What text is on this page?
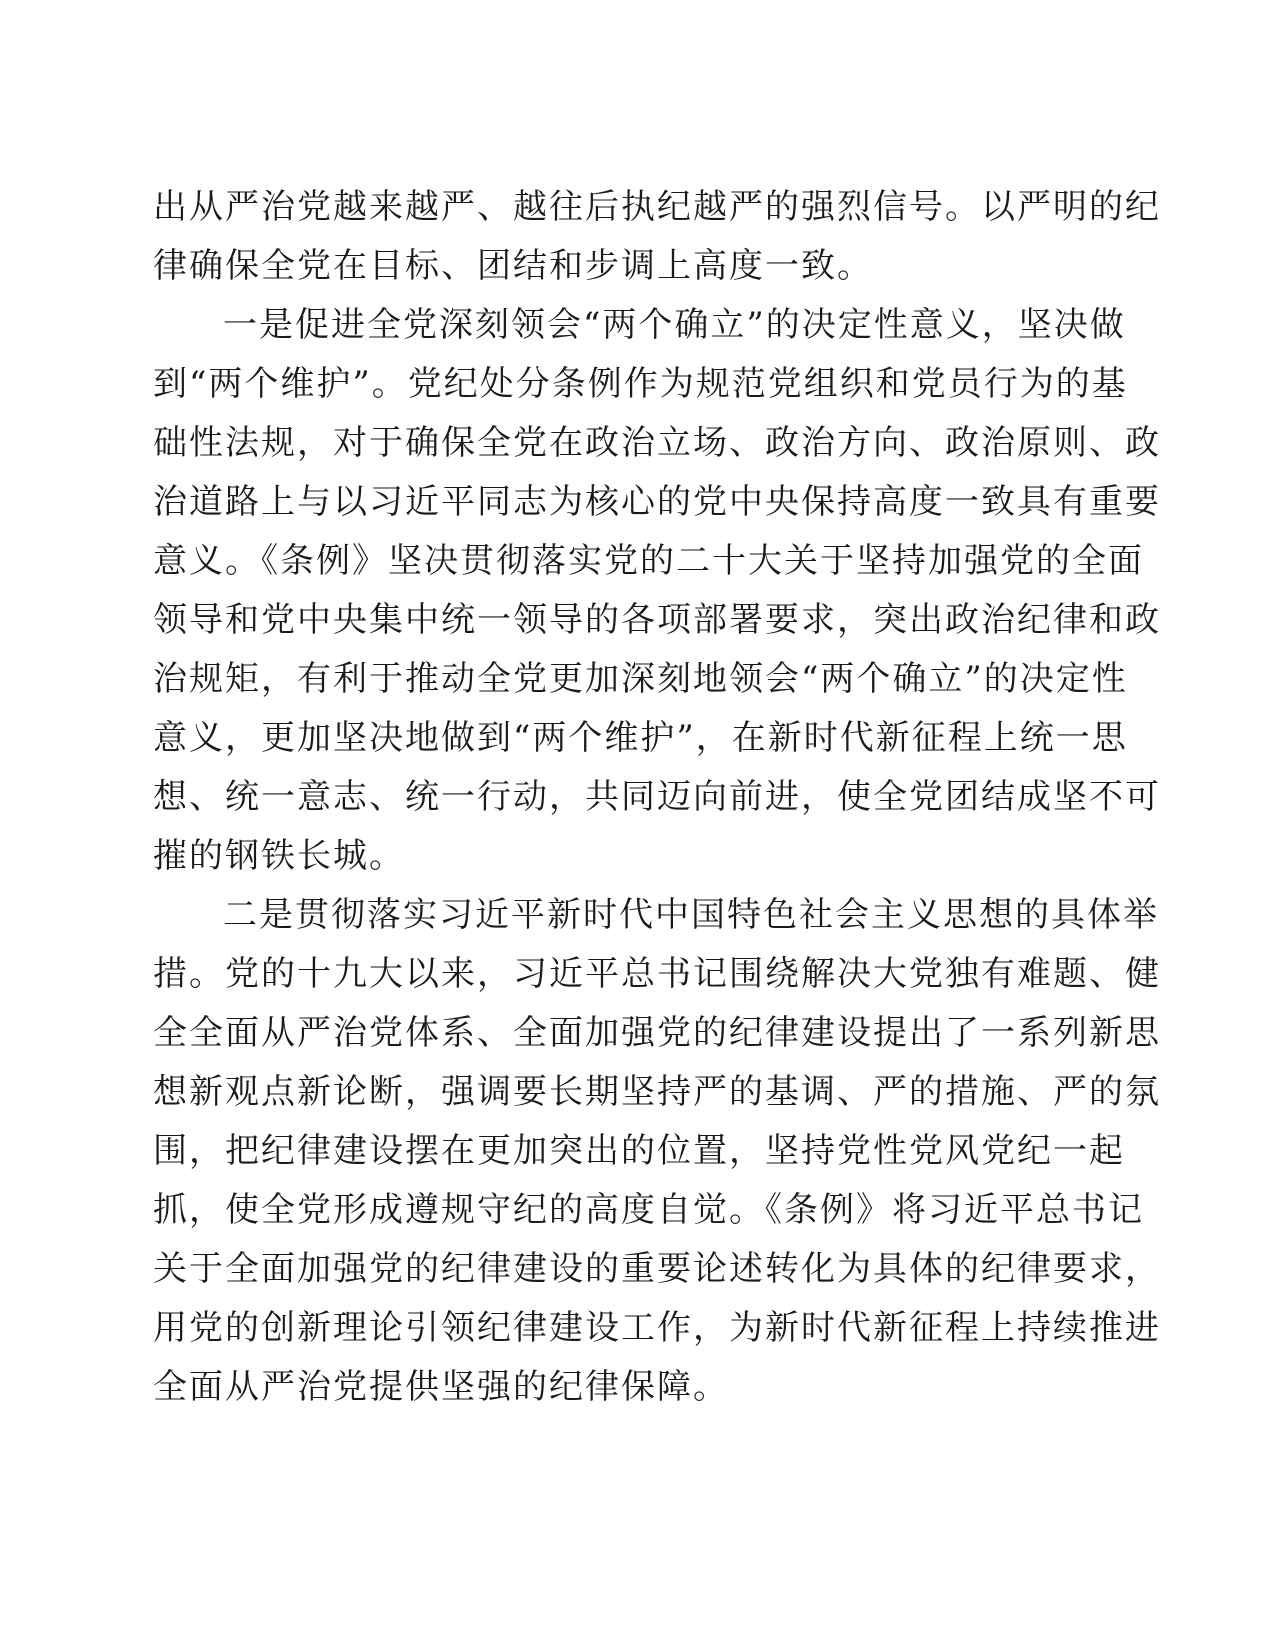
出从严治党越来越严、越往后执纪越严的强烈信号。以严明的纪
律确保全党在目标、团结和步调上高度一致。
一是促进全党深刻领会“两个确立”的决定性意义，坚决做
到“两个维护”。党纪处分条例作为规范党组织和党员行为的基
础性法规，对于确保全党在政治立场、政治方向、政治原则、政
治道路上与以习近平同志为核心的党中央保持高度一致具有重要
意义。《条例》坚决贯彻落实党的二十大关于坚持加强党的全面
领导和党中央集中统一领导的各项部署要求，突出政治纪律和政
治规矩，有利于推动全党更加深刻地领会“两个确立”的决定性
意义，更加坚决地做到“两个维护”，在新时代新征程上统一思
想、统一意志、统一行动，共同迈向前进，使全党团结成坚不可
摧的钢铁长城。
二是贯彻落实习近平新时代中国特色社会主义思想的具体举
措。党的十九大以来，习近平总书记围绕解决大党独有难题、健
全全面从严治党体系、全面加强党的纪律建设提出了一系列新思
想新观点新论断，强调要长期坚持严的基调、严的措施、严的氛
围，把纪律建设摆在更加突出的位置，坚持党性党风党纪一起
抓，使全党形成遵规守纪的高度自觉。《条例》将习近平总书记
关于全面加强党的纪律建设的重要论述转化为具体的纪律要求，
用党的创新理论引领纪律建设工作，为新时代新征程上持续推进
全面从严治党提供坚强的纪律保障。
